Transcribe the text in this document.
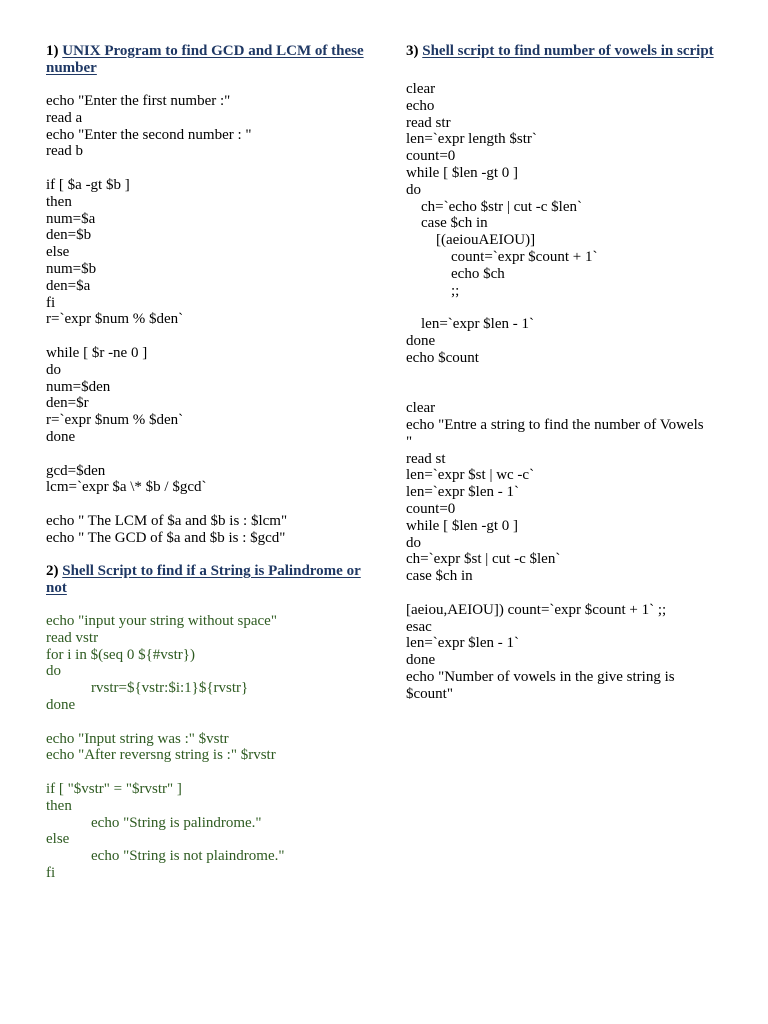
1) UNIX Program to find GCD and LCM of these number
echo "Enter the first number :"
read a
echo "Enter the second number : "
read b
if [ $a -gt $b ]
then
num=$a
den=$b
else
num=$b
den=$a
fi
r=`expr $num % $den`
while [ $r -ne 0 ]
do
num=$den
den=$r
r=`expr $num % $den`
done
gcd=$den
lcm=`expr $a \* $b / $gcd`
echo " The LCM of $a and $b is : $lcm"
echo " The GCD of $a and $b is : $gcd"
2) Shell Script to find if a String is Palindrome or not
echo "input your string without space"
read vstr
for i in $(seq 0 ${#vstr})
do
rvstr=${vstr:$i:1}${rvstr}
done
echo "Input string was :" $vstr
echo "After reversng string is :" $rvstr
if [ "$vstr" = "$rvstr" ]
then
echo "String is palindrome."
else
echo "String is not plaindrome."
fi
3) Shell script to find number of vowels in script
clear
echo
read str
len=`expr length $str`
count=0
while [ $len -gt 0 ]
do
ch=`echo $str | cut -c $len`
case $ch in
[(aeiouAEIOU)]
count=`expr $count + 1`
echo $ch
;;
len=`expr $len - 1`
done
echo $count
clear
echo "Entre a string to find the number of Vowels
"
read st
len=`expr $st | wc -c`
len=`expr $len - 1`
count=0
while [ $len -gt 0 ]
do
ch=`expr $st | cut -c $len`
case $ch in
[aeiou,AEIOU]) count=`expr $count + 1` ;;
esac
len=`expr $len - 1`
done
echo "Number of vowels in the give string is
$count"
